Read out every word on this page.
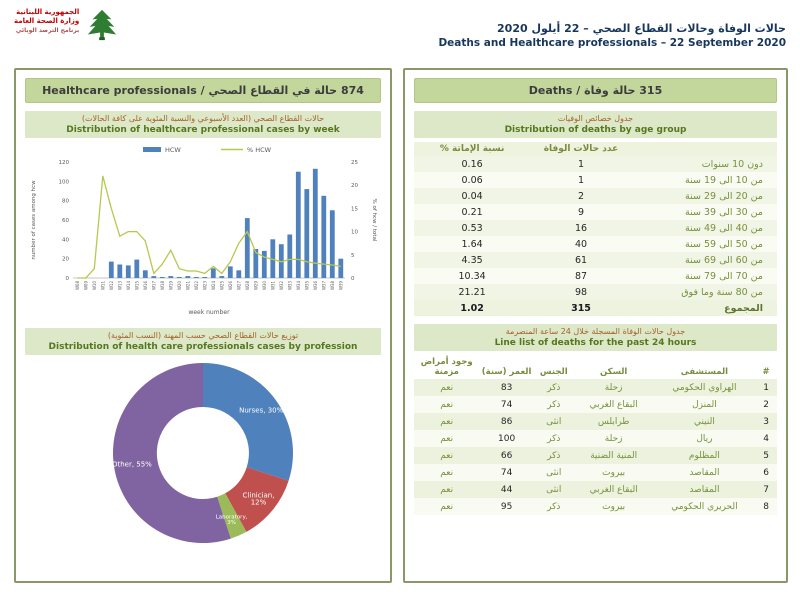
الجمهورية اللبنانية
وزارة الصحة العامة
برنامج الترصد الوبائي	حالات الوفاة وحالات القطاع الصحي – 22 أيلول 2020
Deaths and Healthcare professionals – 22 September 2020
874 حالة في القطاع الصحي / Healthcare professionals
حالات القطاع الصحي (العدد الأسبوعي والنسبة المئوية على كافة الحالات)
Distribution of healthcare professional cases by week
HCW	% HCW
0
20
40
60
80
100
120
0
5
10
15
20
25
W08 W09 W10 W11 W12 W13 W14 W15 W16 W17 W18 W19 W20 W21 W22 W23 W24 W25 W26 W27 W28 W29 W30 W31 W32 W33 W34 W35 W36 W37 W38 W39
number of cases among hcw	% of hcw / total
week number
توزيع حالات القطاع الصحي حسب المهنة (النسب المئوية)
Distribution of health care professionals cases by profession
Nurses, 30%
Clinician,
12%
Laboratory,
3%
Other, 55%
315 حالة وفاة / Deaths
جدول خصائص الوفيات
Distribution of deaths by age group
	عدد حالات الوفاة	نسبة الإماتة %
دون 10 سنوات	1	0.16
من 10 الى 19 سنة	1	0.06
من 20 الى 29 سنة	2	0.04
من 30 الى 39 سنة	9	0.21
من 40 الى 49 سنة	16	0.53
من 50 الى 59 سنة	40	1.64
من 60 الى 69 سنة	61	4.35
من 70 الى 79 سنة	87	10.34
من 80 سنة وما فوق	98	21.21
المجموع	315	1.02
جدول حالات الوفاة المسجلة خلال 24 ساعة المنصرمة
Line list of deaths for the past 24 hours
#	المستشفى	السكن	الجنس	العمر (سنة)	وجود أمراض مزمنة
1	الهراوي الحكومي	زحلة	ذكر	83	نعم
2	المنزل	البقاع الغربي	ذكر	74	نعم
3	النيني	طرابلس	انثى	86	نعم
4	ريال	زحلة	ذكر	100	نعم
5	المظلوم	المنية الضنية	ذكر	66	نعم
6	المقاصد	بيروت	انثى	74	نعم
7	المقاصد	البقاع الغربي	انثى	44	نعم
8	الحريري الحكومي	بيروت	ذكر	95	نعم
